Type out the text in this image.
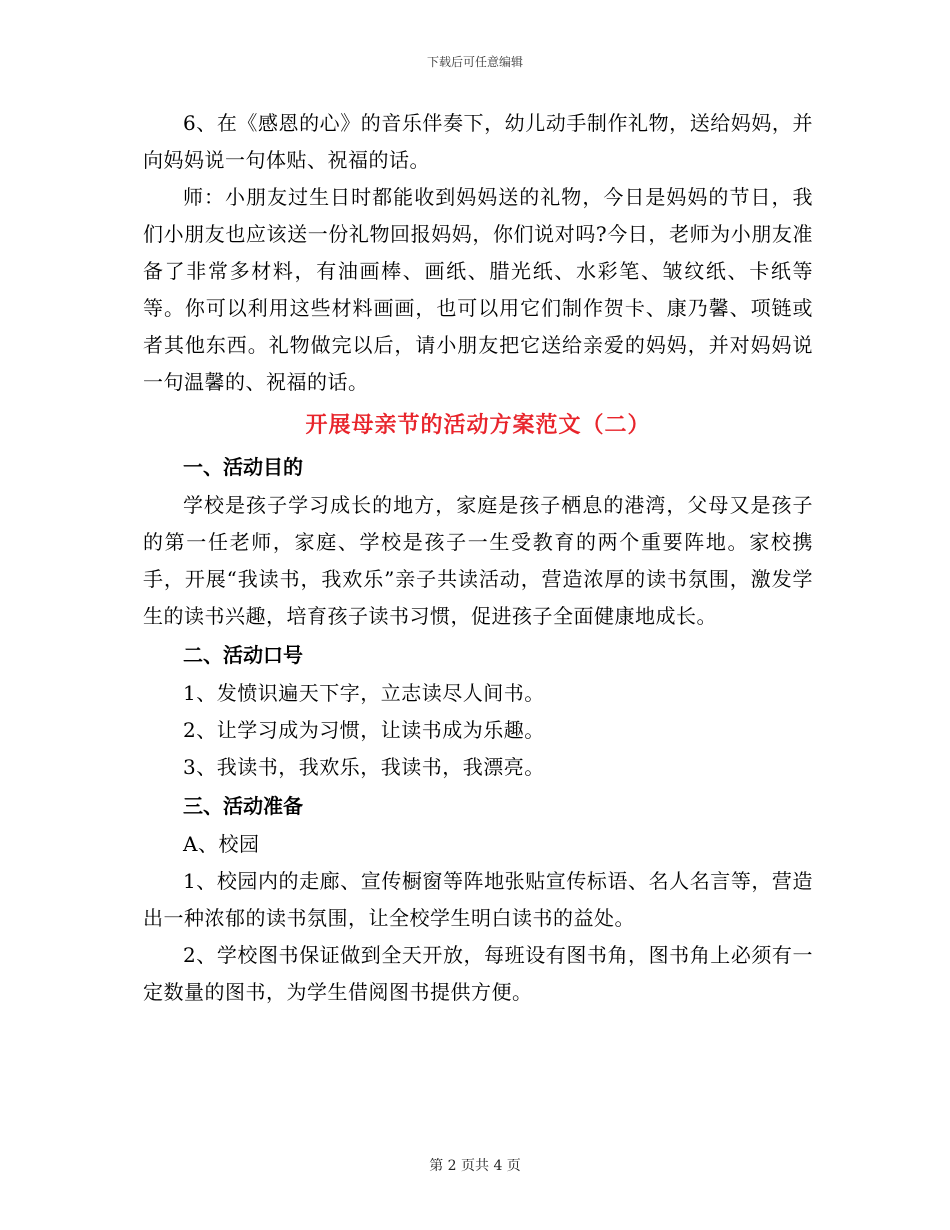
下载后可任意编辑

6、在《感恩的心》的音乐伴奏下，幼儿动手制作礼物，送给妈妈，并向妈妈说一句体贴、祝福的话。

师：小朋友过生日时都能收到妈妈送的礼物，今日是妈妈的节日，我们小朋友也应该送一份礼物回报妈妈，你们说对吗?今日，老师为小朋友准备了非常多材料，有油画棒、画纸、腊光纸、水彩笔、皱纹纸、卡纸等等。你可以利用这些材料画画，也可以用它们制作贺卡、康乃馨、项链或者其他东西。礼物做完以后，请小朋友把它送给亲爱的妈妈，并对妈妈说一句温馨的、祝福的话。

开展母亲节的活动方案范文（二）
一、活动目的

学校是孩子学习成长的地方，家庭是孩子栖息的港湾，父母又是孩子的第一任老师，家庭、学校是孩子一生受教育的两个重要阵地。家校携手，开展“我读书，我欢乐”亲子共读活动，营造浓厚的读书氛围，激发学生的读书兴趣，培育孩子读书习惯，促进孩子全面健康地成长。

二、活动口号

1、发愤识遍天下字，立志读尽人间书。

2、让学习成为习惯，让读书成为乐趣。

3、我读书，我欢乐，我读书，我漂亮。

三、活动准备

A、校园

1、校园内的走廊、宣传橱窗等阵地张贴宣传标语、名人名言等，营造出一种浓郁的读书氛围，让全校学生明白读书的益处。

2、学校图书保证做到全天开放，每班设有图书角，图书角上必须有一定数量的图书，为学生借阅图书提供方便。

第 2 页共 4 页
